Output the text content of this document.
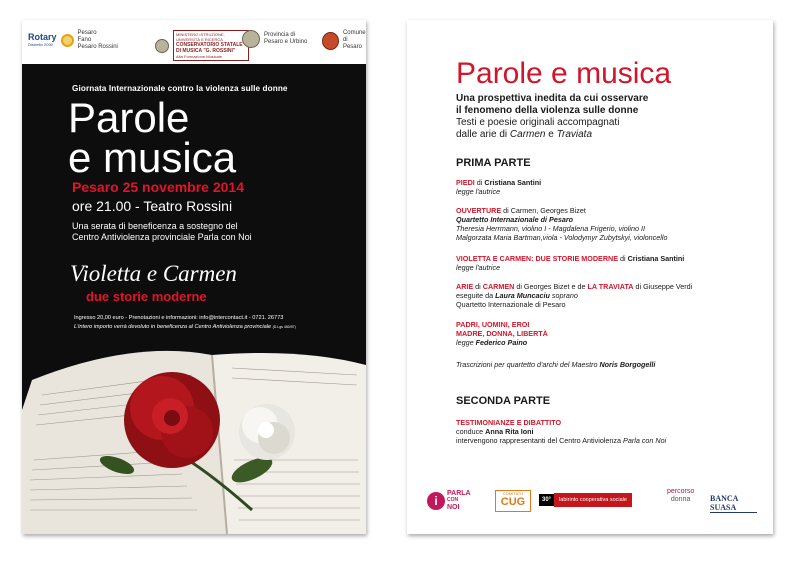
Rotary
Distretto 2090
Pesaro
Fano
Pesaro Rossini
MINISTERO ISTRUZIONE, UNIVERSITÀ E RICERCA
CONSERVATORIO STATALE DI MUSICA "G. ROSSINI"
Alta Formazione Musicale
Provincia di
Pesaro e Urbino
Comune
di Pesaro
Giornata Internazionale contro la violenza sulle donne
Parole
e musica
Pesaro 25 novembre 2014
ore 21.00 - Teatro Rossini
Una serata di beneficenza a sostegno del
Centro Antiviolenza provinciale Parla con Noi
Violetta e Carmen
due storie moderne
Ingresso 20,00 euro - Prenotazioni e informazioni: info@intercontact.it - 0721. 26773
L'intero importo verrà devoluto in beneficenza al Centro Antiviolenza provinciale (D.Lgs 460/97)
Parole e musica
Una prospettiva inedita da cui osservare
il fenomeno della violenza sulle donne
Testi e poesie originali accompagnati
dalle arie di Carmen e Traviata
PRIMA PARTE
PIEDI di Cristiana Santini
legge l'autrice
OUVERTURE di Carmen, Georges Bizet
Quartetto Internazionale di Pesaro
Theresia Herrmann, violino I - Magdalena Frigerio, violino II
Malgorzata Maria Bartman,viola - Volodymyr Zubytskyi, violoncello
VIOLETTA E CARMEN: DUE STORIE MODERNE di Cristiana Santini
legge l'autrice
ARIE di CARMEN di Georges Bizet e de LA TRAVIATA di Giuseppe Verdi
eseguite da Laura Muncaciu soprano
Quartetto Internazionale di Pesaro
PADRI, UOMINI, EROI
MADRE, DONNA, LIBERTÀ
legge Federico Paino
Trascrizioni per quartetto d'archi del Maestro Noris Borgogelli
SECONDA PARTE
TESTIMONIANZE E DIBATTITO
conduce Anna Rita Ioni
intervengono rappresentanti del Centro Antiviolenza Parla con Noi
i	PARLA
CON
NOI
COMITATO
CUG	30°	labirinto cooperativa sociale
percorso
donna	BANCA SUASA
